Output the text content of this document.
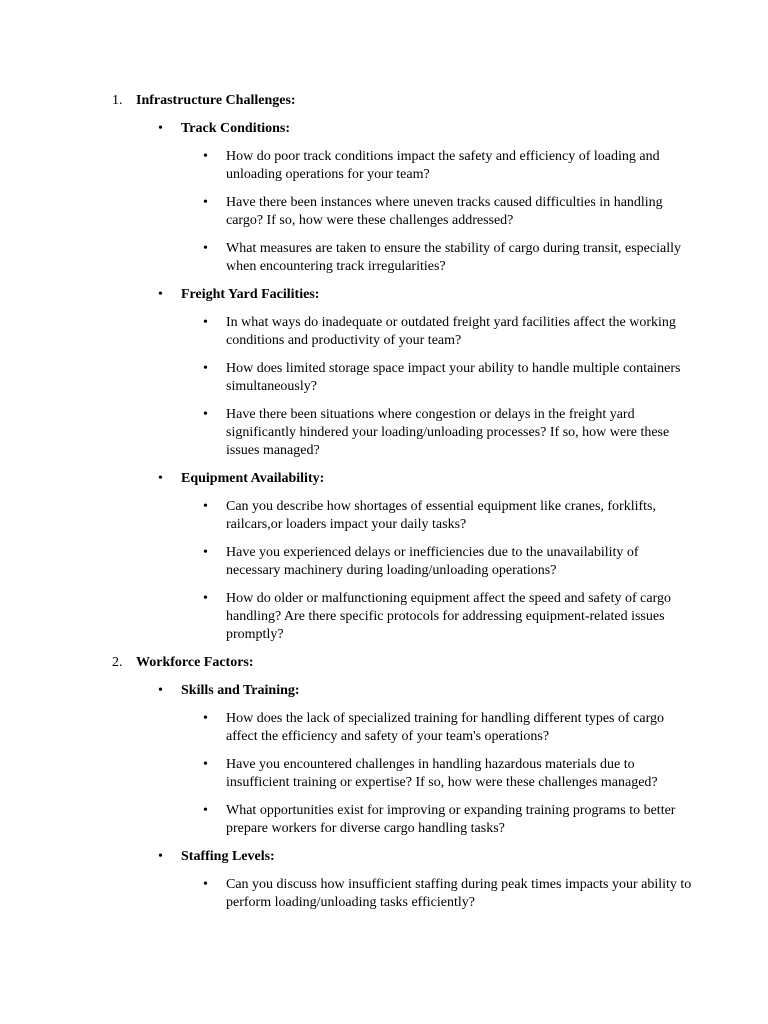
1. Infrastructure Challenges:
• Track Conditions:
• How do poor track conditions impact the safety and efficiency of loading and unloading operations for your team?
• Have there been instances where uneven tracks caused difficulties in handling cargo? If so, how were these challenges addressed?
• What measures are taken to ensure the stability of cargo during transit, especially when encountering track irregularities?
• Freight Yard Facilities:
• In what ways do inadequate or outdated freight yard facilities affect the working conditions and productivity of your team?
• How does limited storage space impact your ability to handle multiple containers simultaneously?
• Have there been situations where congestion or delays in the freight yard significantly hindered your loading/unloading processes? If so, how were these issues managed?
• Equipment Availability:
• Can you describe how shortages of essential equipment like cranes, forklifts, railcars,or loaders impact your daily tasks?
• Have you experienced delays or inefficiencies due to the unavailability of necessary machinery during loading/unloading operations?
• How do older or malfunctioning equipment affect the speed and safety of cargo handling? Are there specific protocols for addressing equipment-related issues promptly?
2. Workforce Factors:
• Skills and Training:
• How does the lack of specialized training for handling different types of cargo affect the efficiency and safety of your team's operations?
• Have you encountered challenges in handling hazardous materials due to insufficient training or expertise? If so, how were these challenges managed?
• What opportunities exist for improving or expanding training programs to better prepare workers for diverse cargo handling tasks?
• Staffing Levels:
• Can you discuss how insufficient staffing during peak times impacts your ability to perform loading/unloading tasks efficiently?
